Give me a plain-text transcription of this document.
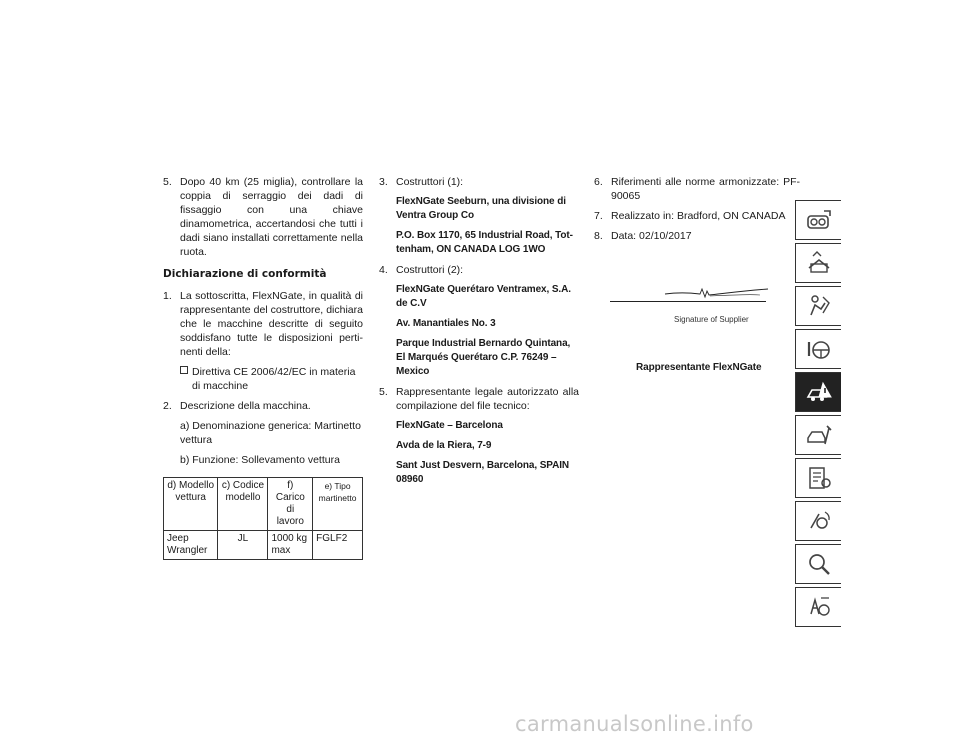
5. Dopo 40 km (25 miglia), controllare la coppia di serraggio dei dadi di fissaggio con una chiave dinamometrica, accertandosi che tutti i dadi siano installati correttamente nella ruota.
Dichiarazione di conformità
1. La sottoscritta, FlexNGate, in qualità di rappresentante del costruttore, dichiara che le macchine descritte di seguito soddisfano tutte le disposizioni pertinenti della:
Direttiva CE 2006/42/EC in materia di macchine
2. Descrizione della macchina.
a) Denominazione generica: Martinetto vettura
b) Funzione: Sollevamento vettura
d) Modello vettura	c) Codice modello	f) Carico di lavoro	e) Tipo martinetto
Jeep Wrangler	JL	1000 kg max	FGLF2
3. Costruttori (1):
FlexNGate Seeburn, una divisione di Ventra Group Co
P.O. Box 1170, 65 Industrial Road, Tottenham, ON CANADA LOG 1WO
4. Costruttori (2):
FlexNGate Querétaro Ventramex, S.A. de C.V
Av. Manantiales No. 3
Parque Industrial Bernardo Quintana, El Marqués Querétaro C.P. 76249 – Mexico
5. Rappresentante legale autorizzato alla compilazione del file tecnico:
FlexNGate – Barcelona
Avda de la Riera, 7-9
Sant Just Desvern, Barcelona, SPAIN 08960
6. Riferimenti alle norme armonizzate: PF-90065
7. Realizzato in: Bradford, ON CANADA
8. Data: 02/10/2017
Signature of Supplier
Rappresentante FlexNGate
carmanualsonline.info
